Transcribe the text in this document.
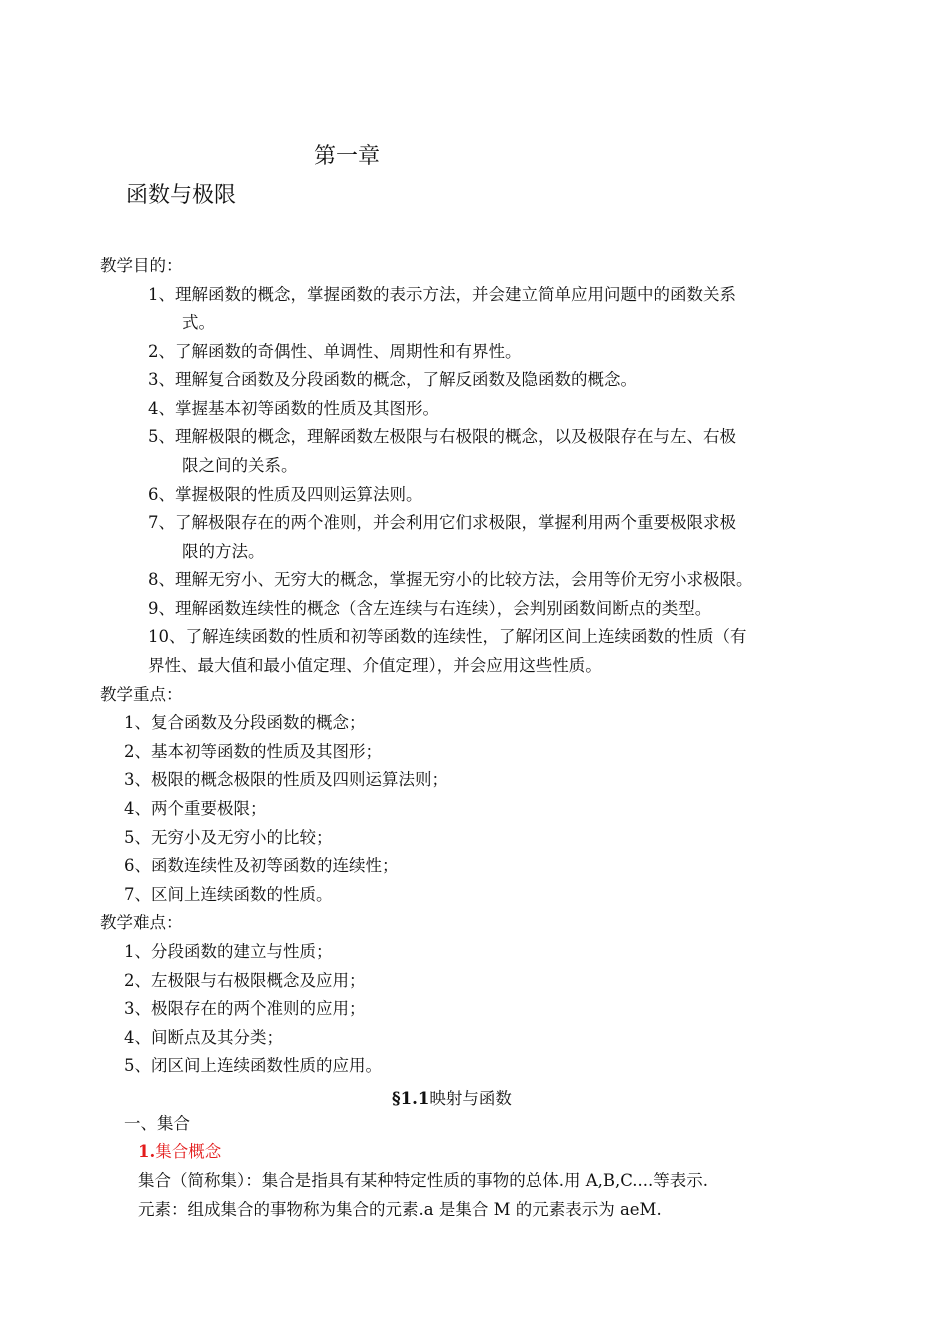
第一章
函数与极限
教学目的：
1、理解函数的概念，掌握函数的表示方法，并会建立简单应用问题中的函数关系
式。
2、了解函数的奇偶性、单调性、周期性和有界性。
3、理解复合函数及分段函数的概念，了解反函数及隐函数的概念。
4、掌握基本初等函数的性质及其图形。
5、理解极限的概念，理解函数左极限与右极限的概念，以及极限存在与左、右极
限之间的关系。
6、掌握极限的性质及四则运算法则。
7、了解极限存在的两个准则，并会利用它们求极限，掌握利用两个重要极限求极
限的方法。
8、理解无穷小、无穷大的概念，掌握无穷小的比较方法，会用等价无穷小求极限。
9、理解函数连续性的概念（含左连续与右连续），会判别函数间断点的类型。
10、了解连续函数的性质和初等函数的连续性，了解闭区间上连续函数的性质（有
界性、最大值和最小值定理、介值定理），并会应用这些性质。
教学重点：
1、复合函数及分段函数的概念；
2、基本初等函数的性质及其图形；
3、极限的概念极限的性质及四则运算法则；
4、两个重要极限；
5、无穷小及无穷小的比较；
6、函数连续性及初等函数的连续性；
7、区间上连续函数的性质。
教学难点：
1、分段函数的建立与性质；
2、左极限与右极限概念及应用；
3、极限存在的两个准则的应用；
4、间断点及其分类；
5、闭区间上连续函数性质的应用。
§1.1映射与函数
一、集合
1.集合概念
集合（简称集）：集合是指具有某种特定性质的事物的总体.用 A,B,C....等表示.
元素：组成集合的事物称为集合的元素.a 是集合 M 的元素表示为 aeM.
